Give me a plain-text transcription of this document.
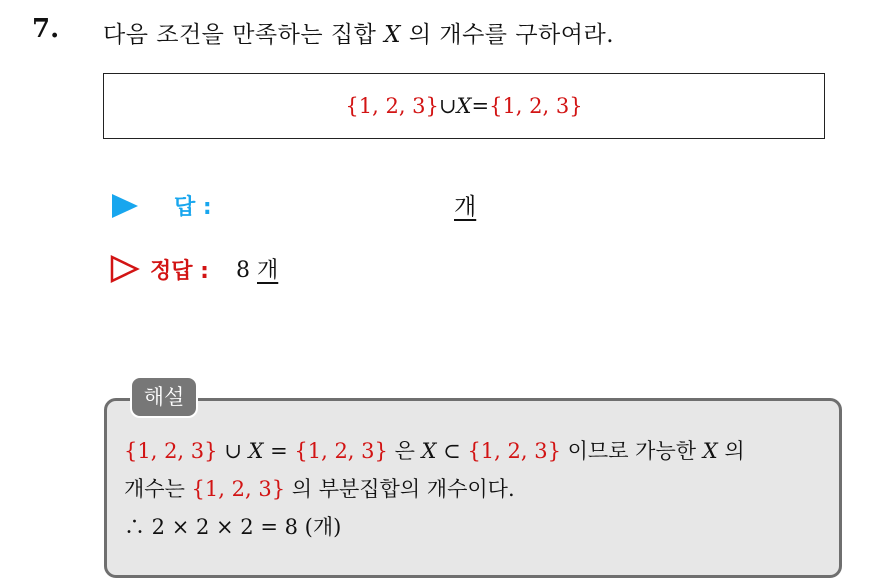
7. 다음 조건을 만족하는 집합 X 의 개수를 구하여라.
{1, 2, 3} ∪ X = {1, 2, 3}
답 :	개
정답 : 8 개
해설
{1, 2, 3} ∪ X = {1, 2, 3} 은 X ⊂ {1, 2, 3} 이므로 가능한 X 의
개수는 {1, 2, 3} 의 부분집합의 개수이다.
∴ 2 × 2 × 2 = 8 (개)
